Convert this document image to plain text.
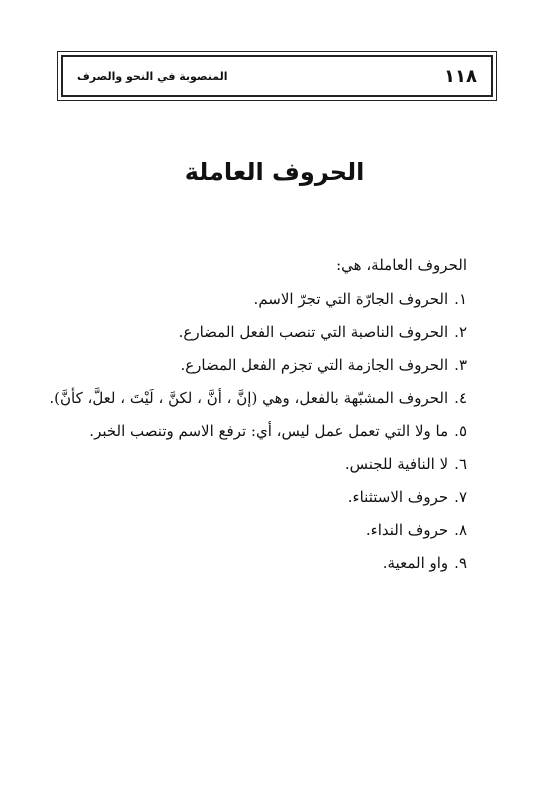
١١٨
المنصوبة في النحو والصرف
الحروف العاملة
الحروف العاملة، هي:
١.الحروف الجارّة التي تجرّ الاسم.
٢.الحروف الناصبة التي تنصب الفعل المضارع.
٣.الحروف الجازمة التي تجزم الفعل المضارع.
٤.الحروف المشبّهة بالفعل، وهي (إنَّ ، أنَّ ، لكنَّ ، لَيْتَ ، لعلَّ، كأنَّ).
٥.ما ولا التي تعمل عمل ليس، أي: ترفع الاسم وتنصب الخبر.
٦.لا النافية للجنس.
٧.حروف الاستثناء.
٨.حروف النداء.
٩.واو المعية.
